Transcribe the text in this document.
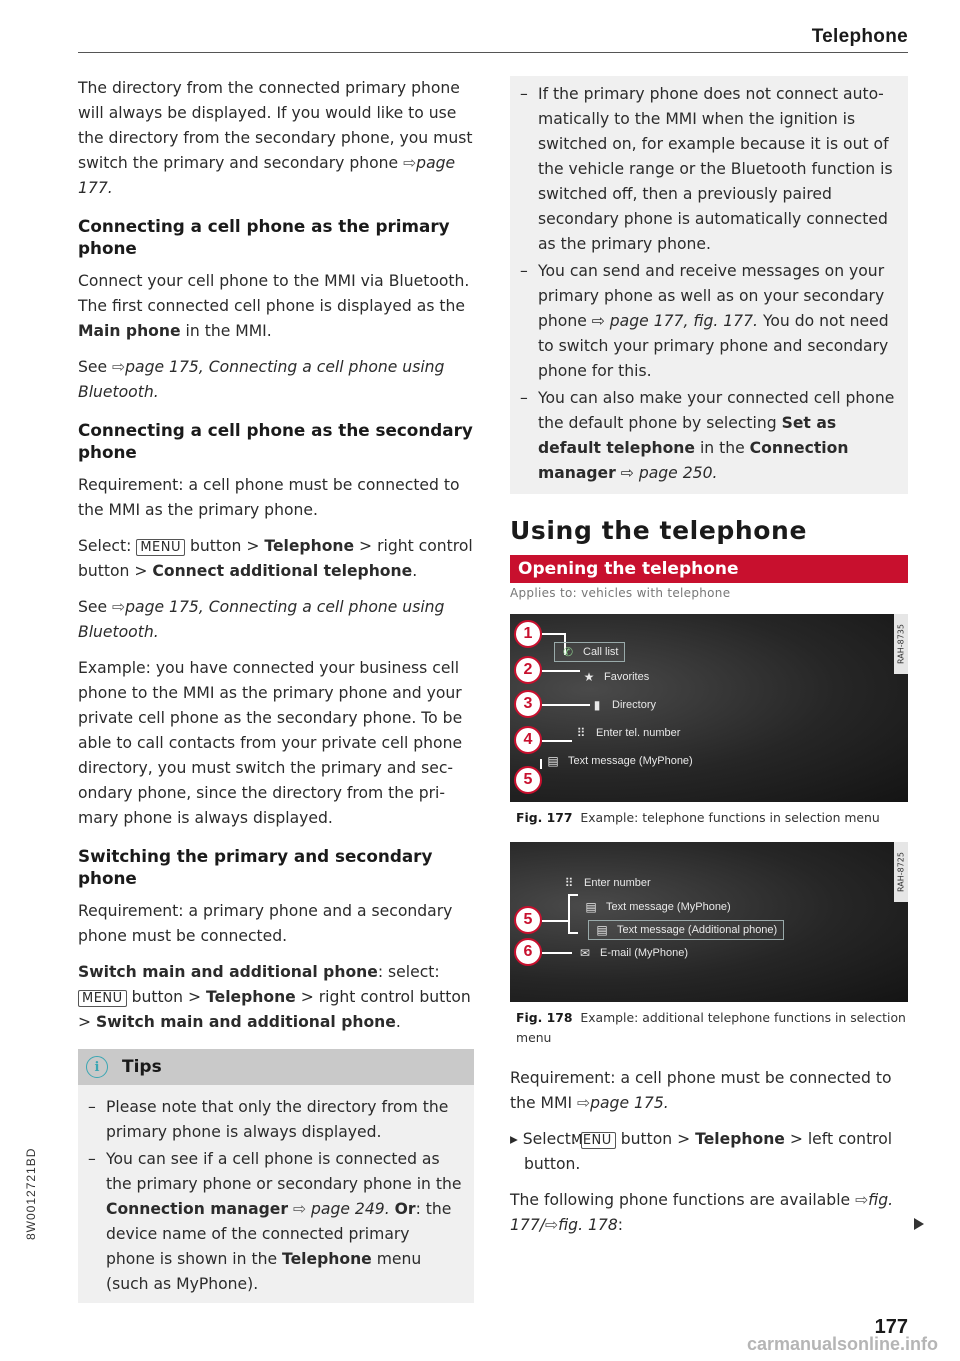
Telephone

The directory from the connected primary phone will always be displayed. If you would like to use the directory from the secondary phone, you must switch the primary and secondary phone ⇨page 177.

Connecting a cell phone as the primary phone

Connect your cell phone to the MMI via Bluetooth. The first connected cell phone is displayed as the Main phone in the MMI.

See ⇨page 175, Connecting a cell phone using Bluetooth.

Connecting a cell phone as the secondary phone

Requirement: a cell phone must be connected to the MMI as the primary phone.

Select: MENU button > Telephone > right control button > Connect additional telephone.

See ⇨page 175, Connecting a cell phone using Bluetooth.

Example: you have connected your business cell phone to the MMI as the primary phone and your private cell phone as the secondary phone. To be able to call contacts from your private cell phone directory, you must switch the primary and secondary phone, since the directory from the primary phone is always displayed.

Switching the primary and secondary phone

Requirement: a primary phone and a secondary phone must be connected.

Switch main and additional phone: select: MENU button > Telephone > right control button > Switch main and additional phone.

i	Tips
– Please note that only the directory from the primary phone is always displayed.
– You can see if a cell phone is connected as the primary phone or secondary phone in the Connection manager ⇨ page 249. Or: the device name of the connected primary phone is shown in the Telephone menu (such as MyPhone).
– If the primary phone does not connect automatically to the MMI when the ignition is switched on, for example because it is out of the vehicle range or the Bluetooth function is switched off, then a previously paired secondary phone is automatically connected as the primary phone.
– You can send and receive messages on your primary phone as well as on your secondary phone ⇨ page 177, fig. 177. You do not need to switch your primary phone and secondary phone for this.
– You can also make your connected cell phone the default phone by selecting Set as default telephone in the Connection manager ⇨ page 250.
Using the telephone
Opening the telephone
Applies to: vehicles with telephone
RAH-8735
1
2
3
4
5
✆ Call list
★ Favorites
▮	Directory
⠿ Enter tel. number
▤ Text message (MyPhone)
Fig. 177 Example: telephone functions in selection menu
RAH-8725
5
6
⠿ Enter number
▤ Text message (MyPhone)
▤ Text message (Additional phone)
✉ E-mail (MyPhone)
Fig. 178 Example: additional telephone functions in selection menu

Requirement: a cell phone must be connected to the MMI ⇨page 175.

▸ Select: MENU button > Telephone > left control button.

The following phone functions are available ⇨fig. 177/⇨fig. 178:

177
8W0012721BD
carmanualsonline.info
